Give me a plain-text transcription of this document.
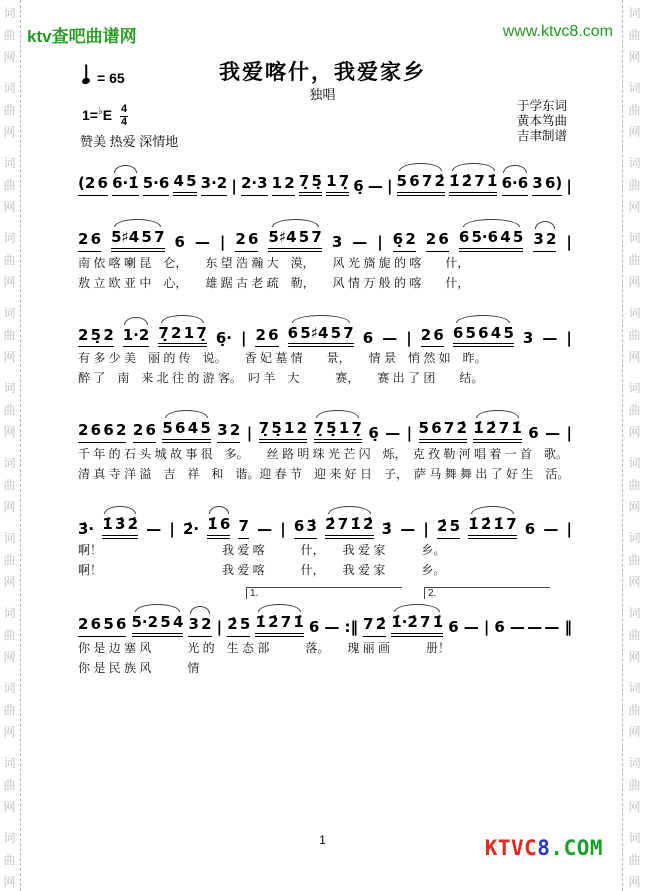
词
曲
网
词
曲
网
词
曲
网
词
曲
网
词
曲
网
词
曲
网
词
曲
网
词
曲
网
词
曲
网
词
曲
网
词
曲
网
词
曲
网
词
曲
网
词
曲
网
词
曲
网
词
曲
网
词
曲
网
词
曲
网
词
曲
网
词
曲
网
词
曲
网
词
曲
网
词
曲
网
词
曲
网
ktv查吧曲谱网	www.ktvc8.com
我爱喀什，我爱家乡
独唱
= 65
$1=^♭E \frac{4}{4}$
赞美 热爱 深情地
于学东词
黄本笃曲
吉聿制谱
(2 6 6·1̇ 5·6 4 5 3·2 | 2·3 1 2 7̣ 5̣ 1 7̣ 6̣ — | 5 6 7 2̇ 1̇ 2̇ 7 1̇ 6·6 3 6) |
2 6 5♯4 5 7 6 — | 2 6 5♯4 5 7 3 — | 6̣ 2 2 6 6 5·6 4 5 3 2 |
南 依 喀 喇 昆　仑，　　东 望 浩 瀚 大　漠，　　风 光 旖 旎 的 喀　　什，
敖 立 欧 亚 中　心，　　雄 踞 古 老 疏　勒，　　风 情 万 般 的 喀　　什，
2 5̣ 2 1·2 7̣ 2 1 7̣ 6̣· | 2 6 6 5♯4 5 7 6 — | 2 6 6 5 6 4 5 3 — |
有 多 少 美　丽 的 传　说。　　香 妃 墓 情　　景，　　情 景　悄 然 如　昨。
醉 了　南　来 北 往 的 游 客。　叼 羊　大　　　赛，　　赛 出 了 团　　结。
2 6 6 2 2 6 5 6 4 5 3 2 | 7̣ 5̣ 1 2 7̣ 5̣ 1 7̣ 6̣ — | 5 6 7 2̇ 1̇ 2̇ 7 1̇ 6 — |
千 年 的 石 头 城 故 事 很　多。　　丝 路 明 珠 光 芒 闪　烁，　克 孜 勒 河 唱 着 一 首　歌。
清 真 寺 洋 溢　吉　祥　和　谐。迎 春 节　迎 来 好 日　子，　萨 马 舞 舞 出 了 好 生　活。
3̇· 1̇ 3̇ 2̇ — | 2̇· 1̇ 6 7 — | 6 3̇ 2̇ 7 1̇ 2̇ 3̇ — | 2̇ 5 1̇ 2̇ 1̇ 7 6 — |
啊！　　　　　　　　　　我 爱 喀　　　什，　　我 爱 家　　　乡。
啊！　　　　　　　　　　我 爱 喀　　　什，　　我 爱 家　　　乡。
1.	2.
2 6 5 6 5·2 5 4 3 2 | 2̇ 5 1̇ 2̇ 7 1̇ 6 — :‖ 7 2̇ 1̇·2̇ 7 1̇ 6 — | 6 — — — ‖
你 是 边 塞 风　　　光 的　生 态 部　　　落。　　瑰 丽 画　　　册！
你 是 民 族 风　　　情
1	KTVC8.COM
